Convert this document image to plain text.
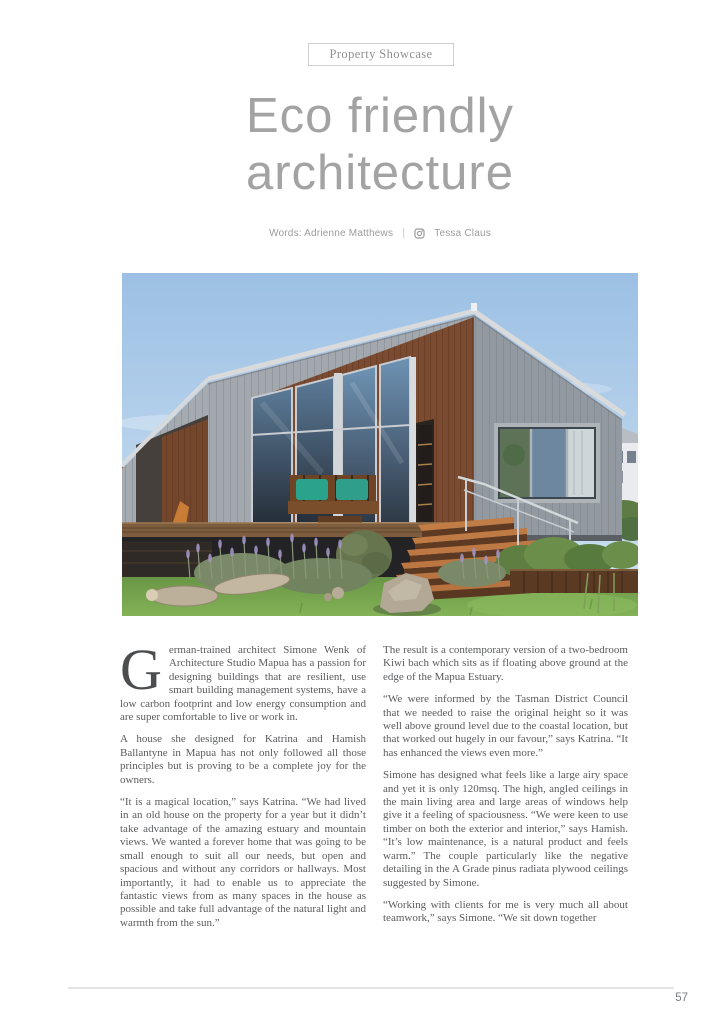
Property Showcase
Eco friendly
architecture
Words: Adrienne Matthews |	Tessa Claus

German-trained architect Simone Wenk of Architecture Studio Mapua has a passion for designing buildings that are resilient, use smart building management systems, have a low carbon footprint and low energy consumption and are super comfortable to live or work in.

A house she designed for Katrina and Hamish Ballantyne in Mapua has not only followed all those principles but is proving to be a complete joy for the owners.

“It is a magical location,” says Katrina. “We had lived in an old house on the property for a year but it didn’t take advantage of the amazing estuary and mountain views. We wanted a forever home that was going to be small enough to suit all our needs, but open and spacious and without any corridors or hallways. Most importantly, it had to enable us to appreciate the fantastic views from as many spaces in the house as possible and take full advantage of the natural light and warmth from the sun.”

The result is a contemporary version of a two-bedroom Kiwi bach which sits as if floating above ground at the edge of the Mapua Estuary.

“We were informed by the Tasman District Council that we needed to raise the original height so it was well above ground level due to the coastal location, but that worked out hugely in our favour,” says Katrina. “It has enhanced the views even more.”

Simone has designed what feels like a large airy space and yet it is only 120msq. The high, angled ceilings in the main living area and large areas of windows help give it a feeling of spaciousness. “We were keen to use timber on both the exterior and interior,” says Hamish. “It’s low maintenance, is a natural product and feels warm.” The couple particularly like the negative detailing in the A Grade pinus radiata plywood ceilings suggested by Simone.

“Working with clients for me is very much all about teamwork,” says Simone. “We sit down together

57
